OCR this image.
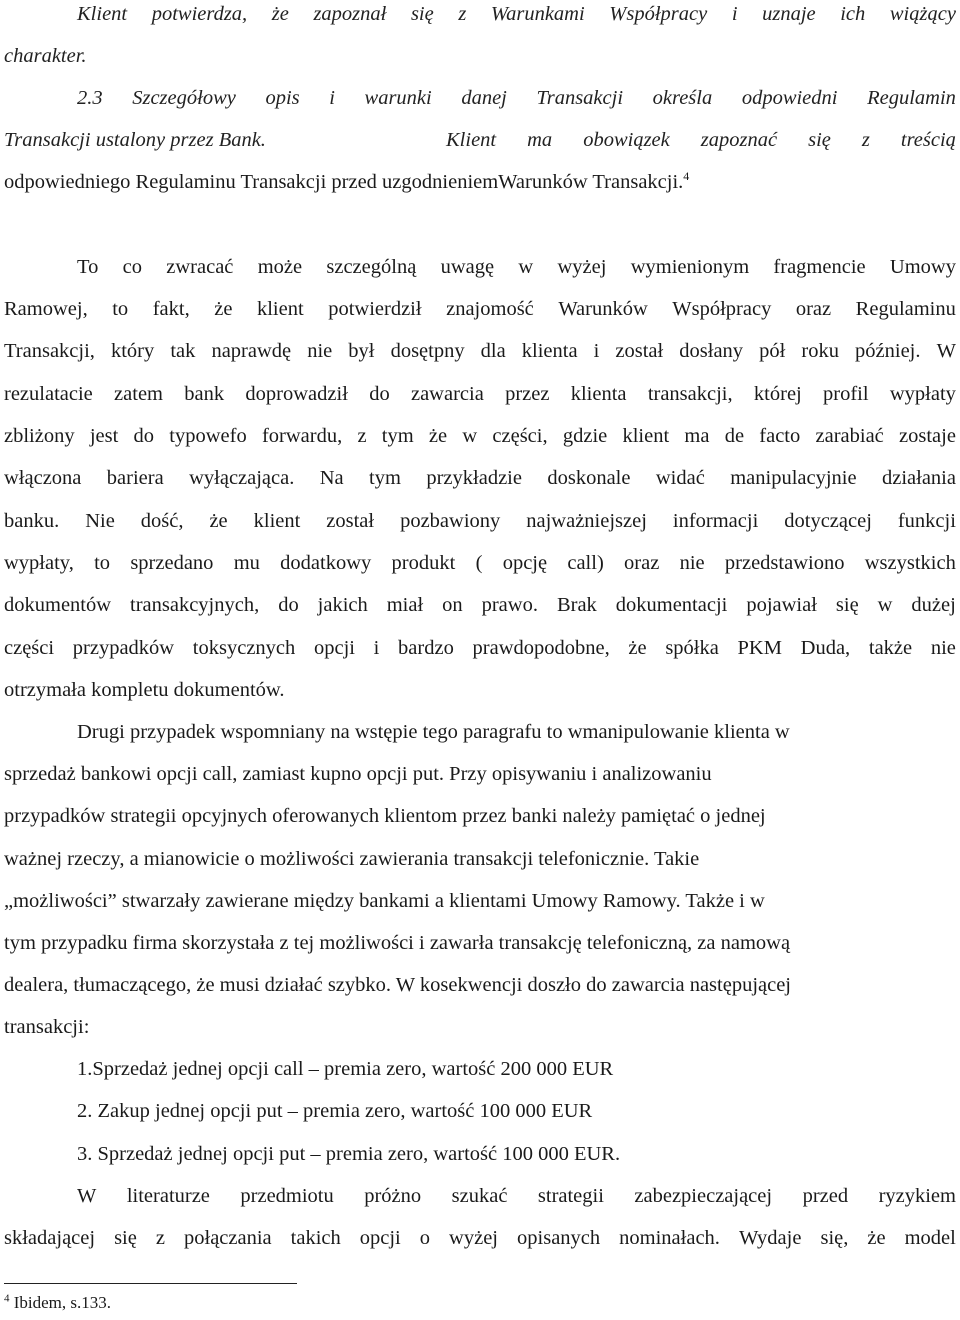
Klient potwierdza, że zapoznał się z Warunkami Współpracy i uznaje ich wiążący
charakter.
2.3 Szczegółowy opis i warunki danej Transakcji określa odpowiedni Regulamin
Transakcji ustalony przez Bank.	Klient ma obowiązek zapoznać się z treścią
odpowiedniego Regulaminu Transakcji przed uzgodnieniemWarunków Transakcji.$^4$
To co zwracać może szczególną uwagę w wyżej wymienionym fragmencie Umowy
Ramowej, to fakt, że klient potwierdził znajomość Warunków Współpracy oraz Regulaminu
Transakcji, który tak naprawdę nie był dosętpny dla klienta i został dosłany pół roku później. W
rezulatacie zatem bank doprowadził do zawarcia przez klienta transakcji, której profil wypłaty
zbliżony jest do typowefo forwardu, z tym że w części, gdzie klient ma de facto zarabiać zostaje
włączona bariera wyłączająca. Na tym przykładzie doskonale widać manipulacyjnie działania
banku. Nie dość, że klient został pozbawiony najważniejszej informacji dotyczącej funkcji
wypłaty, to sprzedano mu dodatkowy produkt ( opcję call) oraz nie przedstawiono wszystkich
dokumentów transakcyjnych, do jakich miał on prawo. Brak dokumentacji pojawiał się w dużej
części przypadków toksycznych opcji i bardzo prawdopodobne, że spółka PKM Duda, także nie
otrzymała kompletu dokumentów.
Drugi przypadek wspomniany na wstępie tego paragrafu to wmanipulowanie klienta w
sprzedaż bankowi opcji call, zamiast kupno opcji put. Przy opisywaniu i analizowaniu
przypadków strategii opcyjnych oferowanych klientom przez banki należy pamiętać o jednej
ważnej rzeczy, a mianowicie o możliwości zawierania transakcji telefonicznie. Takie
„możliwości” stwarzały zawierane między bankami a klientami Umowy Ramowy. Także i w
tym przypadku firma skorzystała z tej możliwości i zawarła transakcję telefoniczną, za namową
dealera, tłumaczącego, że musi działać szybko. W kosekwencji doszło do zawarcia następującej
transakcji:
1.Sprzedaż jednej opcji call – premia zero, wartość 200 000 EUR
2. Zakup jednej opcji put – premia zero, wartość 100 000 EUR
3. Sprzedaż jednej opcji put – premia zero, wartość 100 000 EUR.
W literaturze przedmiotu próżno szukać strategii zabezpieczającej przed ryzykiem
składającej się z połączania takich opcji o wyżej opisanych nominałach. Wydaje się, że model
$^4$ Ibidem, s.133.
